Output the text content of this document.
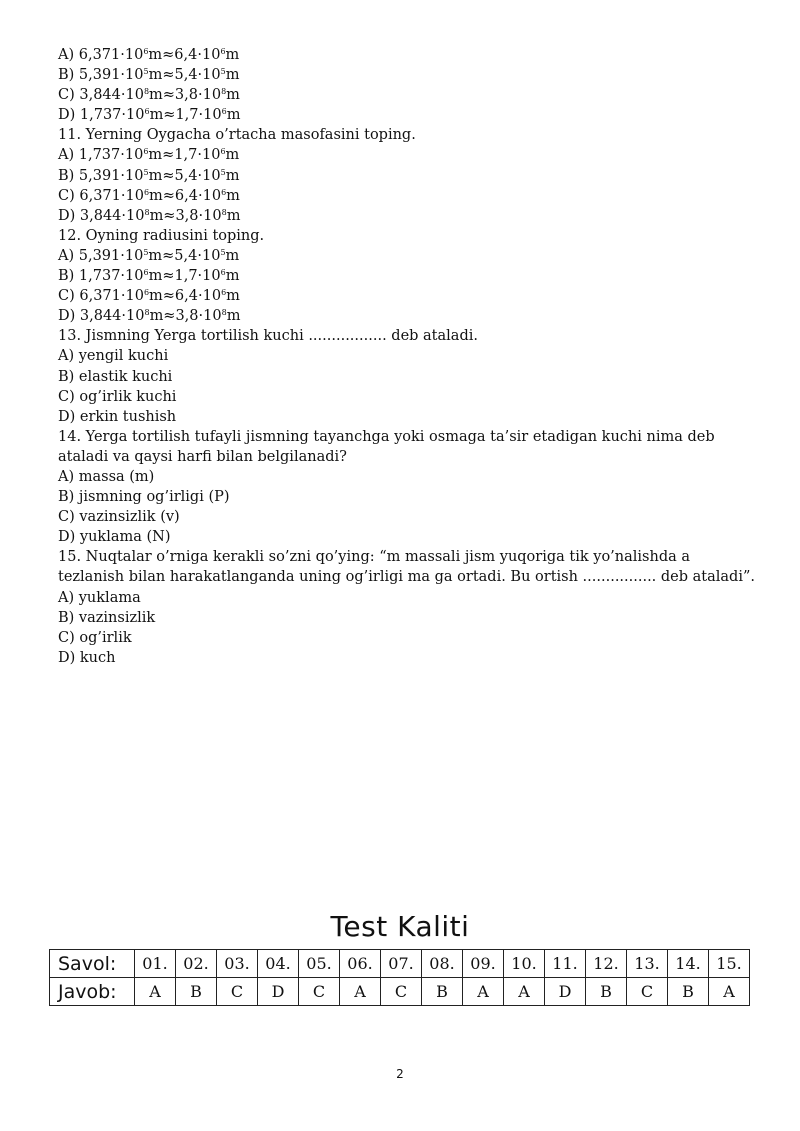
A) $6,371\cdot 10^6m\approx 6,4\cdot 10^6m$
B) $5,391\cdot 10^5m\approx 5,4\cdot 10^5m$
C) $3,844\cdot 10^8m\approx 3,8\cdot 10^8m$
D) $1,737\cdot 10^6m\approx 1,7\cdot 10^6m$
11. Yerning Oygacha o’rtacha masofasini toping.
A) $1,737\cdot 10^6m\approx 1,7\cdot 10^6m$
B) $5,391\cdot 10^5m\approx 5,4\cdot 10^5m$
C) $6,371\cdot 10^6m\approx 6,4\cdot 10^6m$
D) $3,844\cdot 10^8m\approx 3,8\cdot 10^8m$
12. Oyning radiusini toping.
A) $5,391\cdot 10^5m\approx 5,4\cdot 10^5m$
B) $1,737\cdot 10^6m\approx 1,7\cdot 10^6m$
C) $6,371\cdot 10^6m\approx 6,4\cdot 10^6m$
D) $3,844\cdot 10^8m\approx 3,8\cdot 10^8m$
13. Jismning Yerga tortilish kuchi ................. deb ataladi.
A) yengil kuchi
B) elastik kuchi
C) og’irlik kuchi
D) erkin tushish
14. Yerga tortilish tufayli jismning tayanchga yoki osmaga ta’sir etadigan kuchi nima deb ataladi va qaysi harfi bilan belgilanadi?
A) massa (m)
B) jismning og’irligi (P)
C) vazinsizlik (v)
D) yuklama (N)
15. Nuqtalar o’rniga kerakli so’zni qo’ying: “m massali jism yuqoriga tik yo’nalishda a tezlanish bilan harakatlanganda uning og’irligi ma ga ortadi. Bu ortish ................ deb ataladi”.
A) yuklama
B) vazinsizlik
C) og’irlik
D) kuch
Test Kaliti
Savol:	01.	02.	03.	04.	05.	06.	07.	08.	09.	10.	11.	12.	13.	14.	15.
Javob:	A	B	C	D	C	A	C	B	A	A	D	B	C	B	A
2
